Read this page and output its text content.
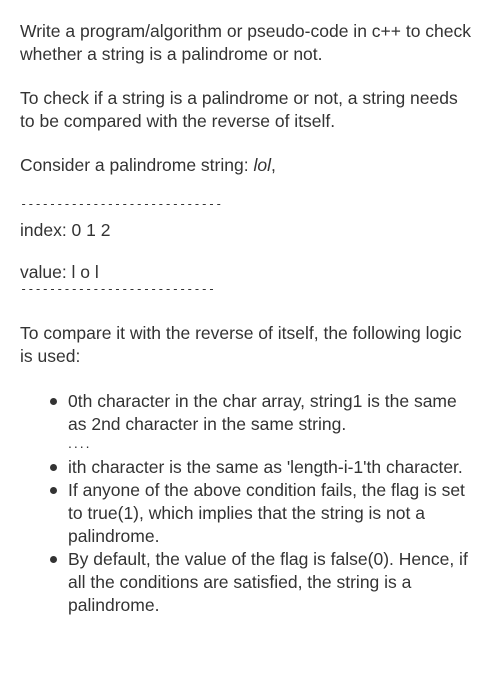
Write a program/algorithm or pseudo-code in c++ to check whether a string is a palindrome or not.

To check if a string is a palindrome or not, a string needs to be compared with the reverse of itself.

Consider a palindrome string: lol,

----------------------------

index: 0 1 2

value: l o l

---------------------------

To compare it with the reverse of itself, the following logic is used:

0th character in the char array, string1 is the same as 2nd character in the same string.
....
ith character is the same as 'length-i-1'th character.
If anyone of the above condition fails, the flag is set to true(1), which implies that the string is not a palindrome.
By default, the value of the flag is false(0). Hence, if all the conditions are satisfied, the string is a palindrome.
